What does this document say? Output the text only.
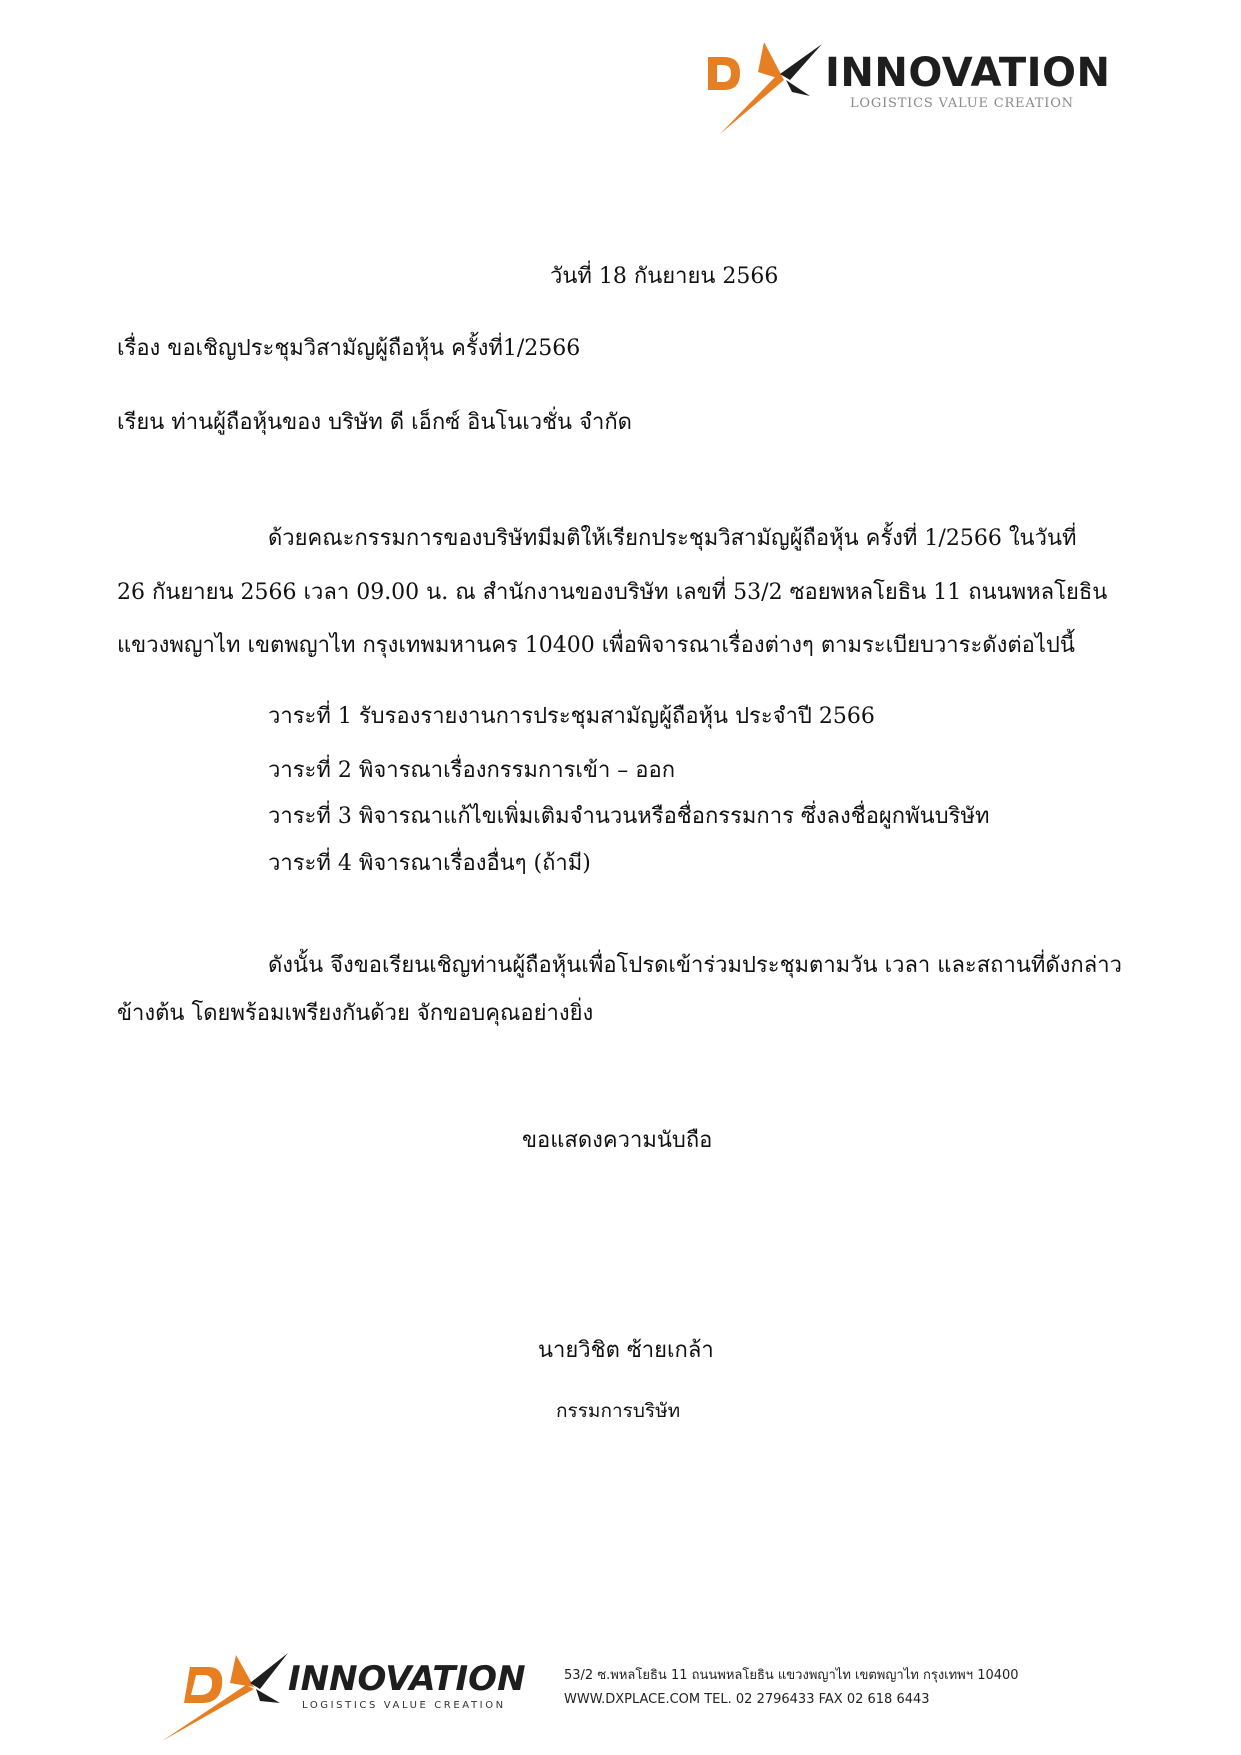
INNOVATION
LOGISTICS VALUE CREATION
วันที่ 18 กันยายน 2566
เรื่อง ขอเชิญประชุมวิสามัญผู้ถือหุ้น ครั้งที่1/2566
เรียน ท่านผู้ถือหุ้นของ บริษัท ดี เอ็กซ์ อินโนเวชั่น จำกัด
ด้วยคณะกรรมการของบริษัทมีมติให้เรียกประชุมวิสามัญผู้ถือหุ้น ครั้งที่ 1/2566 ในวันที่
26 กันยายน 2566 เวลา 09.00 น. ณ สำนักงานของบริษัท เลขที่ 53/2 ซอยพหลโยธิน 11 ถนนพหลโยธิน
แขวงพญาไท เขตพญาไท กรุงเทพมหานคร 10400 เพื่อพิจารณาเรื่องต่างๆ ตามระเบียบวาระดังต่อไปนี้
วาระที่ 1 รับรองรายงานการประชุมสามัญผู้ถือหุ้น ประจำปี 2566
วาระที่ 2 พิจารณาเรื่องกรรมการเข้า – ออก
วาระที่ 3 พิจารณาแก้ไขเพิ่มเติมจำนวนหรือชื่อกรรมการ ซึ่งลงชื่อผูกพันบริษัท
วาระที่ 4 พิจารณาเรื่องอื่นๆ (ถ้ามี)
ดังนั้น จึงขอเรียนเชิญท่านผู้ถือหุ้นเพื่อโปรดเข้าร่วมประชุมตามวัน เวลา และสถานที่ดังกล่าว
ข้างต้น โดยพร้อมเพรียงกันด้วย จักขอบคุณอย่างยิ่ง
ขอแสดงความนับถือ
นายวิชิต ซ้ายเกล้า
กรรมการบริษัท
INNOVATION
LOGISTICS VALUE CREATION
53/2 ซ.พหลโยธิน 11 ถนนพหลโยธิน แขวงพญาไท เขตพญาไท กรุงเทพฯ 10400
WWW.DXPLACE.COM TEL. 02 2796433 FAX 02 618 6443
